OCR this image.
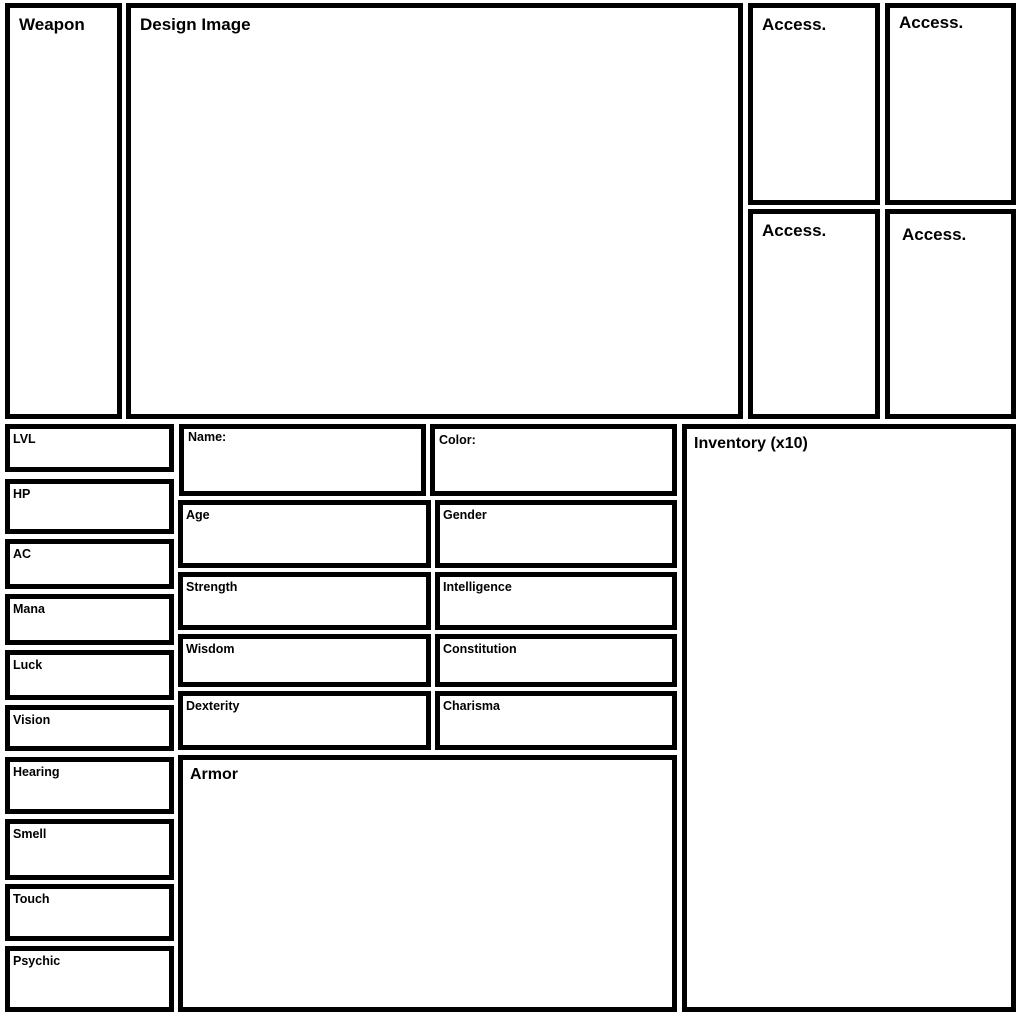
Weapon	Design Image	Access.	Access.
Access.	Access.
LVL
HP
AC
Mana
Luck
Vision
Hearing
Smell
Touch
Psychic
Name:	Color:
Age	Gender
Strength	Intelligence
Wisdom	Constitution
Dexterity	Charisma
Armor
Inventory (x10)
